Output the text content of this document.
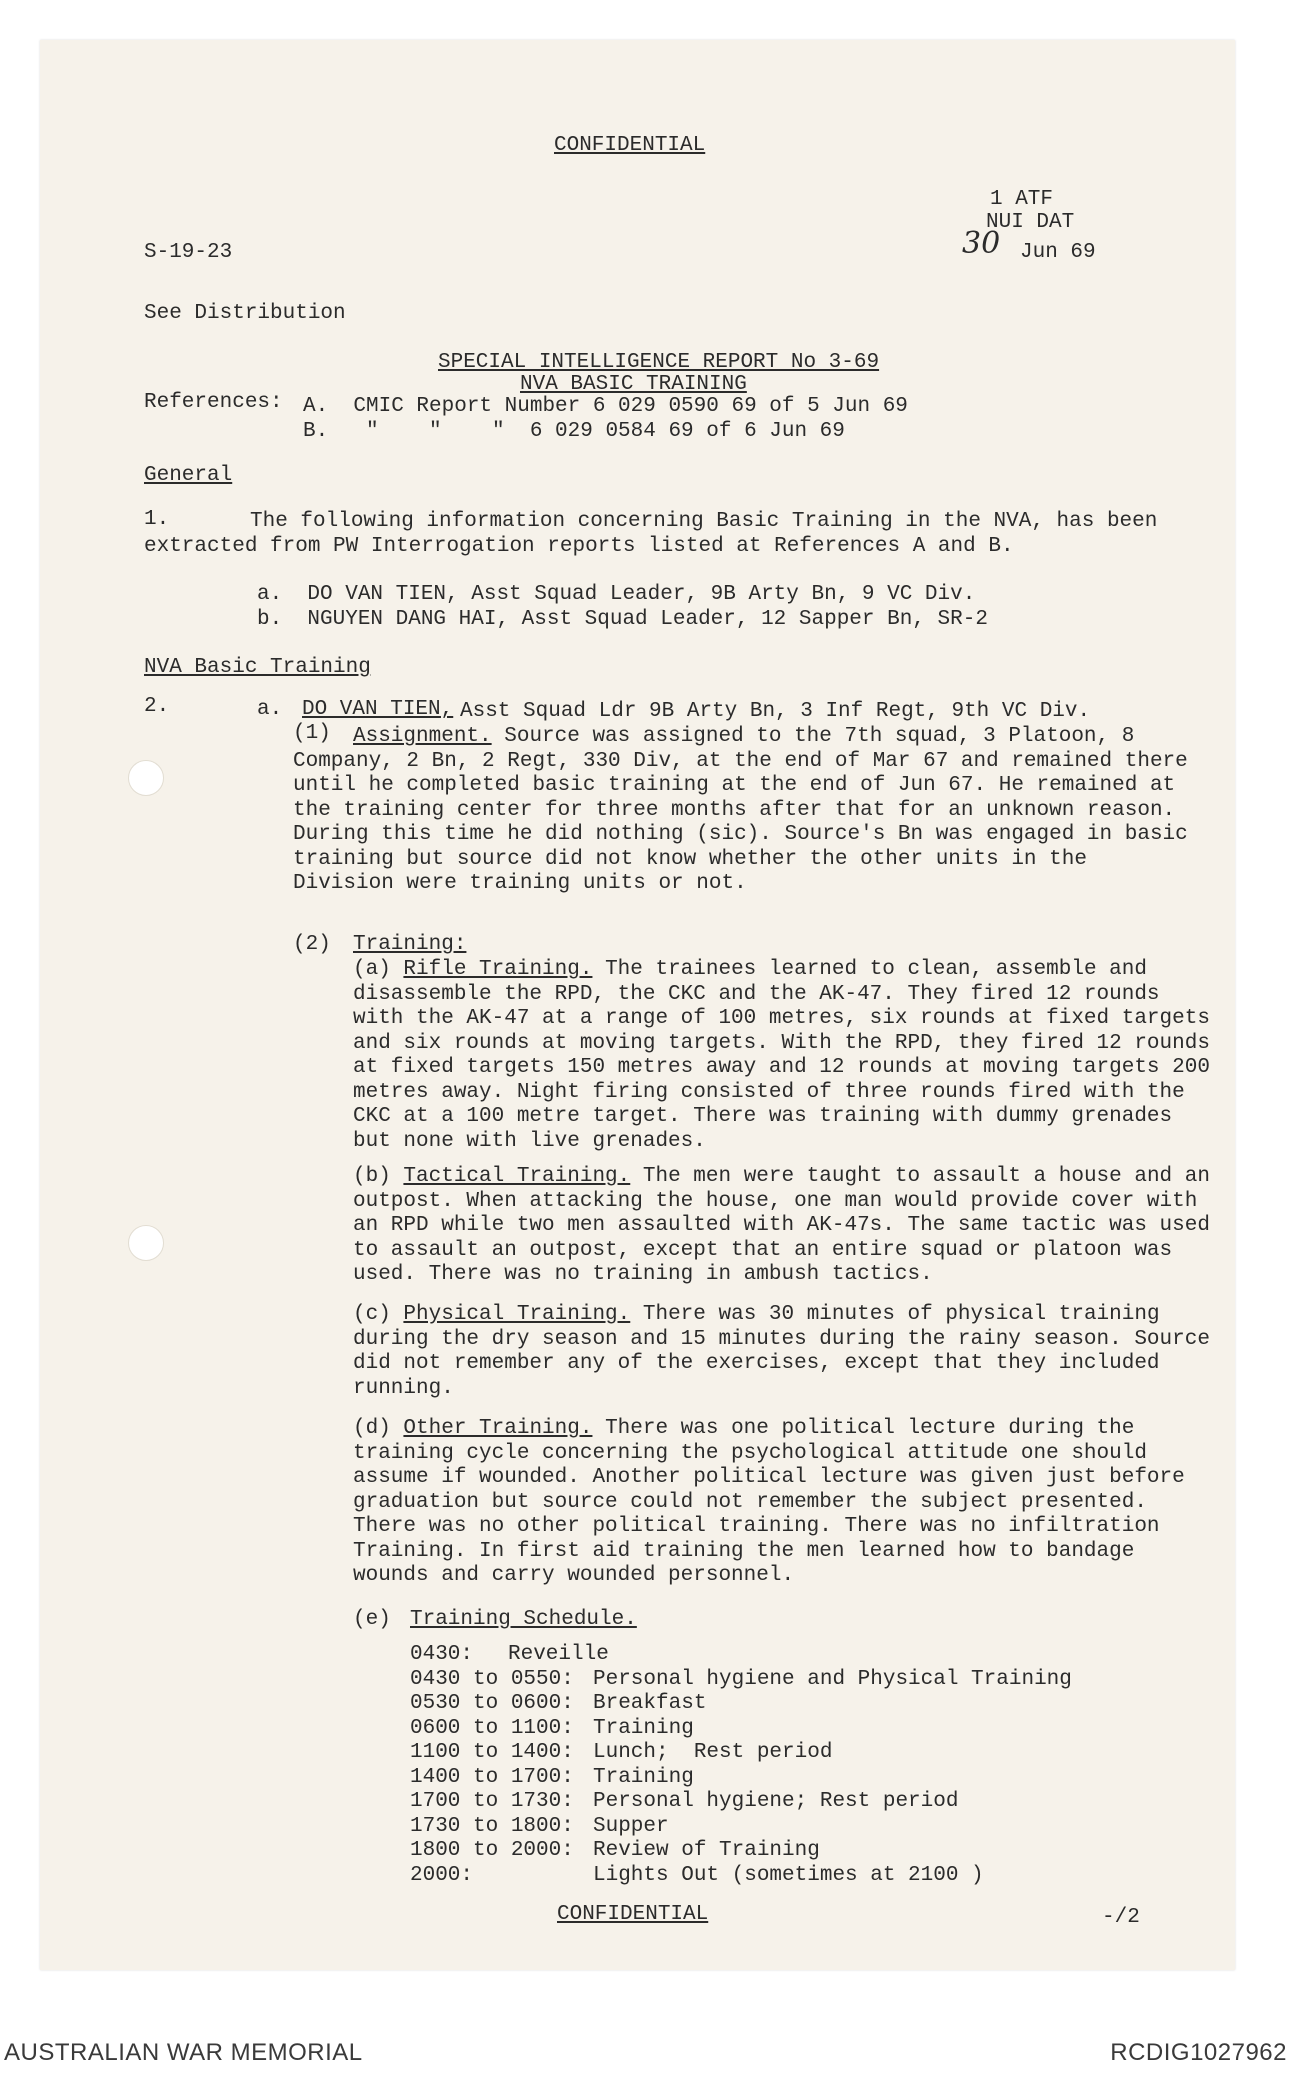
CONFIDENTIAL
1 ATF
NUI DAT
S-19-23	30 Jun 69
See Distribution
SPECIAL INTELLIGENCE REPORT No 3-69
NVA BASIC TRAINING
References: A.  CMIC Report Number 6 029 0590 69 of 5 Jun 69
B.   "    "    "  6 029 0584 69 of 6 Jun 69
General
1.	The following information concerning Basic Training in the NVA, has been extracted from PW Interrogation reports listed at References A and B.
a.  DO VAN TIEN, Asst Squad Leader, 9B Arty Bn, 9 VC Div.
b.  NGUYEN DANG HAI, Asst Squad Leader, 12 Sapper Bn, SR-2
NVA Basic Training
2.	a. DO VAN TIEN, Asst Squad Ldr 9B Arty Bn, 3 Inf Regt, 9th VC Div.
(1)	Assignment. Source was assigned to the 7th squad, 3 Platoon, 8 Company, 2 Bn, 2 Regt, 330 Div, at the end of Mar 67 and remained there until he completed basic training at the end of Jun 67. He remained at the training center for three months after that for an unknown reason. During this time he did nothing (sic). Source's Bn was engaged in basic training but source did not know whether the other units in the Division were training units or not.
(2) Training:
(a) Rifle Training. The trainees learned to clean, assemble and disassemble the RPD, the CKC and the AK-47. They fired 12 rounds with the AK-47 at a range of 100 metres, six rounds at fixed targets and six rounds at moving targets. With the RPD, they fired 12 rounds at fixed targets 150 metres away and 12 rounds at moving targets 200 metres away. Night firing consisted of three rounds fired with the CKC at a 100 metre target. There was training with dummy grenades but none with live grenades.
(b) Tactical Training. The men were taught to assault a house and an outpost. When attacking the house, one man would provide cover with an RPD while two men assaulted with AK-47s. The same tactic was used to assault an outpost, except that an entire squad or platoon was used. There was no training in ambush tactics.
(c) Physical Training. There was 30 minutes of physical training during the dry season and 15 minutes during the rainy season. Source did not remember any of the exercises, except that they included running.
(d) Other Training. There was one political lecture during the training cycle concerning the psychological attitude one should assume if wounded. Another political lecture was given just before graduation but source could not remember the subject presented. There was no other political training. There was no infiltration Training. In first aid training the men learned how to bandage wounds and carry wounded personnel.
(e) Training Schedule.
0430: Reveille
0430 to 0550: Personal hygiene and Physical Training
0530 to 0600: Breakfast
0600 to 1100: Training
1100 to 1400: Lunch;  Rest period
1400 to 1700: Training
1700 to 1730: Personal hygiene; Rest period
1730 to 1800: Supper
1800 to 2000: Review of Training
2000:	Lights Out (sometimes at 2100 )
CONFIDENTIAL	-/2
AUSTRALIAN WAR MEMORIAL	RCDIG1027962
